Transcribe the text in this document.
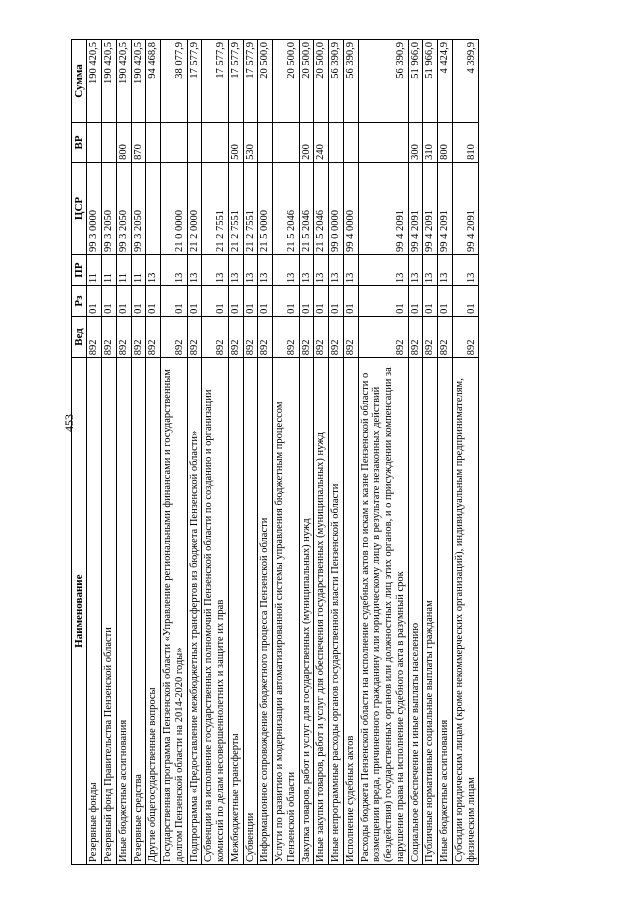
453
Наименование	Вед	Рз	ПР	ЦСР	ВР	Сумма
Резервные фонды	892	01	11	99 3 0000		190 420,5
Резервный фонд Правительства Пензенской области	892	01	11	99 3 2050		190 420,5
Иные бюджетные ассигнования	892	01	11	99 3 2050	800	190 420,5
Резервные средства	892	01	11	99 3 2050	870	190 420,5
Другие общегосударственные вопросы	892	01	13			94 468,8
Государственная программа Пензенской области «Управление региональными финансами и государственным долгом Пензенской области на 2014-2020 годы»	892	01	13	21 0 0000		38 077,9
Подпрограмма «Предоставление межбюджетных трансфертов из бюджета Пензенской области»	892	01	13	21 2 0000		17 577,9
Субвенции на исполнение государственных полномочий Пензенской области по созданию и организации комиссий по делам несовершеннолетних и защите их прав	892	01	13	21 2 7551		17 577,9
Межбюджетные трансферты	892	01	13	21 2 7551	500	17 577,9
Субвенции	892	01	13	21 2 7551	530	17 577,9
Информационное сопровождение бюджетного процесса Пензенской области	892	01	13	21 5 0000		20 500,0
Услуги по развитию и модернизации автоматизированной системы управления бюджетным процессом Пензенской области	892	01	13	21 5 2046		20 500,0
Закупка товаров, работ и услуг для государственных (муниципальных) нужд	892	01	13	21 5 2046	200	20 500,0
Иные закупки товаров, работ и услуг для обеспечения государственных (муниципальных) нужд	892	01	13	21 5 2046	240	20 500,0
Иные непрограммные расходы органов государственной власти Пензенской области	892	01	13	99 0 0000		56 390,9
Исполнение судебных актов	892	01	13	99 4 0000		56 390,9
Расходы бюджета Пензенской области на исполнение судебных актов по искам к казне Пензенской области о возмещении вреда, причиненного гражданину или юридическому лицу в результате незаконных действий (бездействия) государственных органов или должностных лиц этих органов, и о присуждении компенсации за нарушение права на исполнение судебного акта в разумный срок	892	01	13	99 4 2091		56 390,9
Социальное обеспечение и иные выплаты населению	892	01	13	99 4 2091	300	51 966,0
Публичные нормативные социальные выплаты гражданам	892	01	13	99 4 2091	310	51 966,0
Иные бюджетные ассигнования	892	01	13	99 4 2091	800	4 424,9
Субсидии юридическим лицам (кроме некоммерческих организаций), индивидуальным предпринимателям, физическим лицам	892	01	13	99 4 2091	810	4 399,9
